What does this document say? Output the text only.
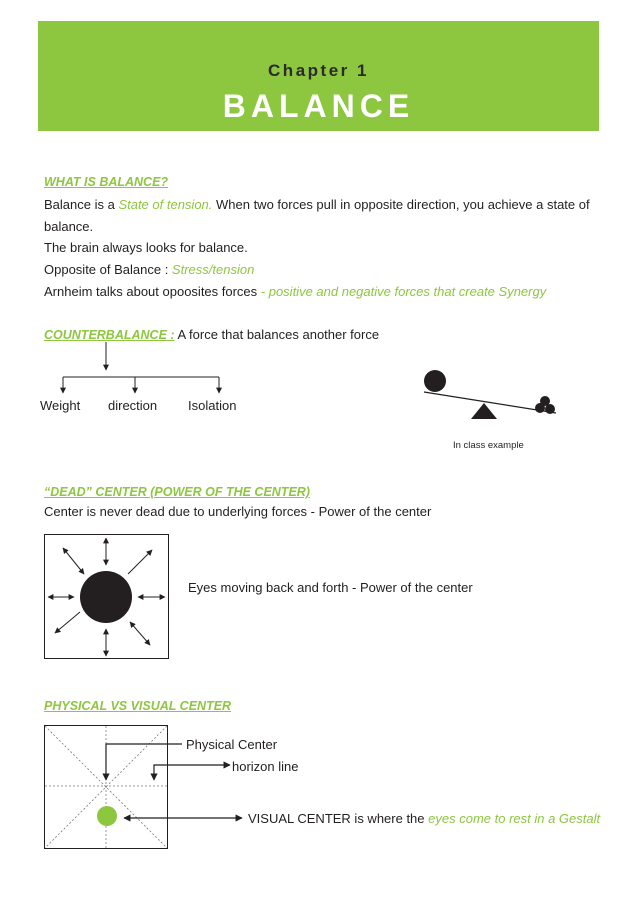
Chapter 1
BALANCE
WHAT IS BALANCE?
Balance is a State of tension. When two forces pull in opposite direction, you achieve a state of
balance.
The brain always looks for balance.
Opposite of Balance : Stress/tension
Arnheim talks about opoosites forces - positive and negative forces that create Synergy
COUNTERBALANCE : A force that balances another force
Weight direction Isolation
In class example
“DEAD” CENTER (POWER OF THE CENTER)
Center is never dead due to underlying forces - Power of the center
Eyes moving back and forth - Power of the center
PHYSICAL VS VISUAL CENTER
Physical Center
horizon line
VISUAL CENTER is where the eyes come to rest in a Gestalt
